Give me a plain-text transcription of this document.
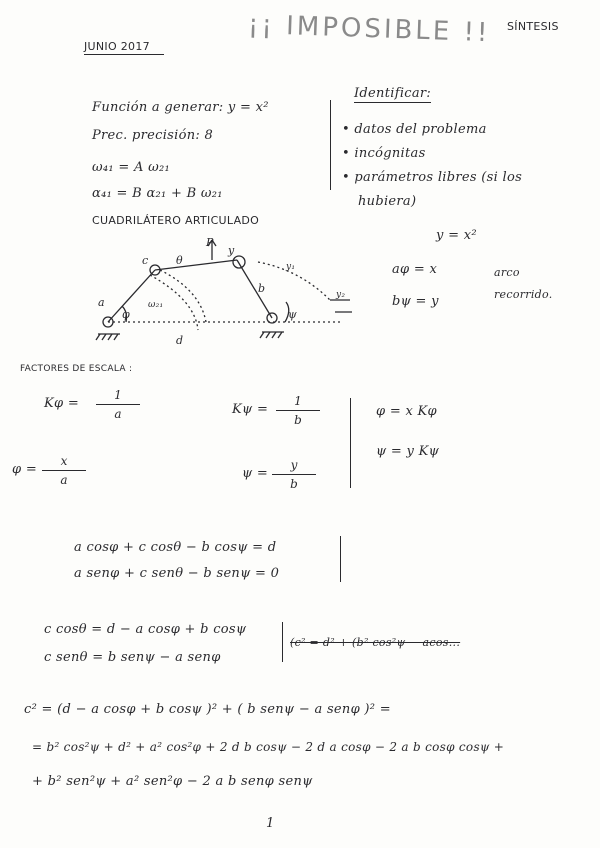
¡¡ IMPOSIBLE !! SÍNTESIS
JUNIO 2017
Función a generar: y = x²
Prec. precisión: 8
ω₄₁ = A ω₂₁
α₄₁ = B α₂₁ + B ω₂₁
CUADRILÁTERO ARTICULADO
Identificar:
• datos del problema
• incógnitas
• parámetros libres (si los
hubiera)
y = x²
aφ = x
bψ = y
arco
recorrido.
c
a
b
d
θ
φ	ψ
P
y
ω₂₁
y₁
y₂
FACTORES DE ESCALA :
Kφ =
1
a	Kψ =
1
b
φ =
x
a	ψ =
y
b
φ = x Kφ
ψ = y Kψ
a cosφ + c cosθ − b cosψ = d
a senφ + c senθ − b senψ = 0
c cosθ = d − a cosφ + b cosψ
c senθ = b senψ − a senφ
(c² = d² + (b² cos²ψ − acos...
c² = (d − a cosφ + b cosψ )² + ( b senψ − a senφ )² =
= b² cos²ψ + d² + a² cos²φ + 2 d b cosψ − 2 d a cosφ − 2 a b cosφ cosψ +
+ b² sen²ψ + a² sen²φ − 2 a b senφ senψ
1
